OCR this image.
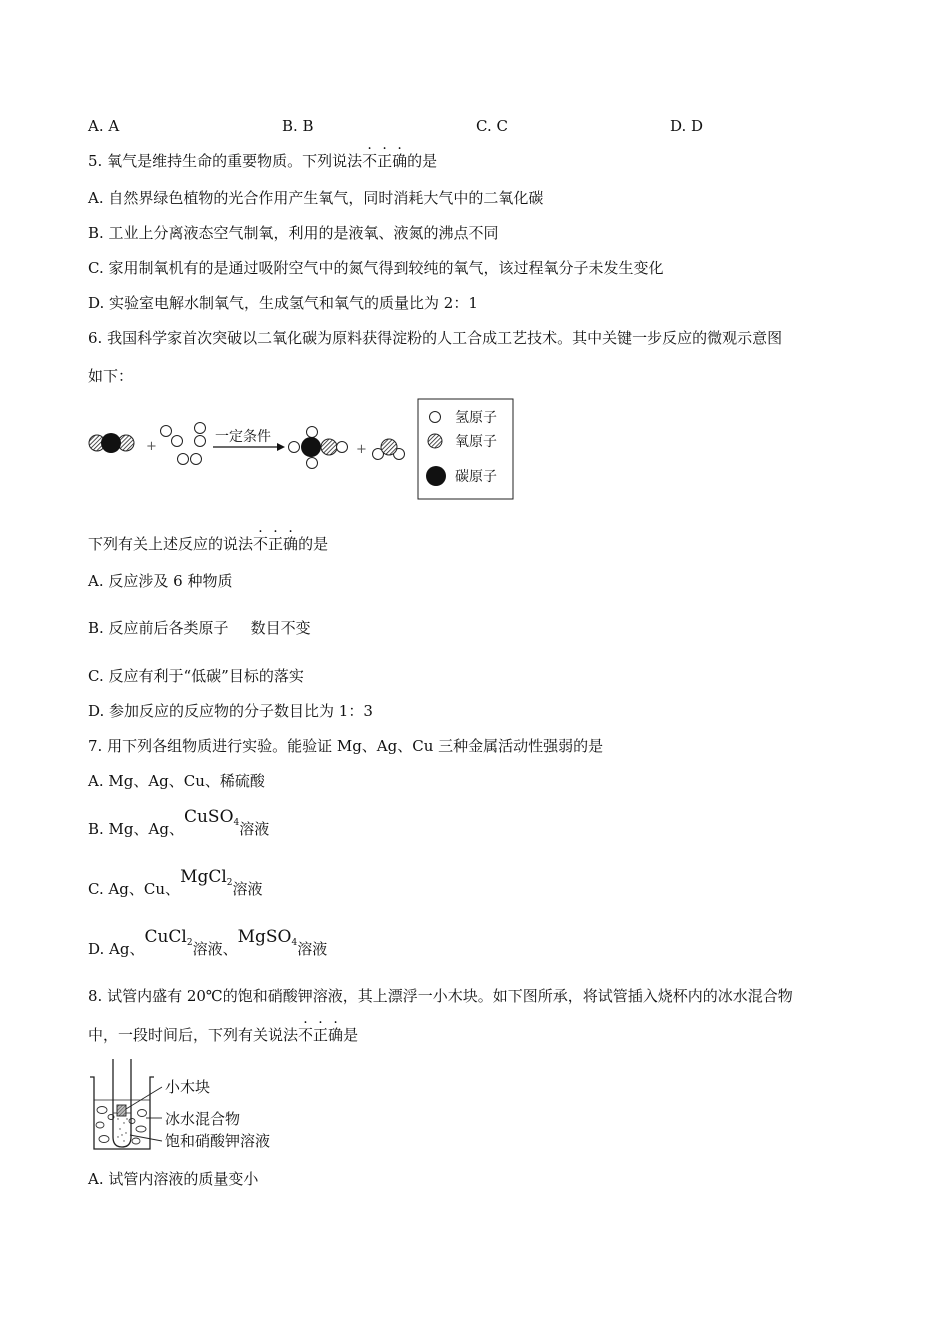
A. A	B. B	C. C	D. D
5. 氧气是维持生命的重要物质。下列说法不正确的是
A. 自然界绿色植物的光合作用产生氧气，同时消耗大气中的二氧化碳
B. 工业上分离液态空气制氧，利用的是液氧、液氮的沸点不同
C. 家用制氧机有的是通过吸附空气中的氮气得到较纯的氧气，该过程氧分子未发生变化
D. 实验室电解水制氧气，生成氢气和氧气的质量比为 2：1
6. 我国科学家首次突破以二氧化碳为原料获得淀粉的人工合成工艺技术。其中关键一步反应的微观示意图
如下：
+
一定条件
+
氢原子
氧原子
碳原子
下列有关上述反应的说法不正确的是
A. 反应涉及 6 种物质
B. 反应前后各类原子 数目不变
C. 反应有利于“低碳”目标的落实
D. 参加反应的反应物的分子数目比为 1：3
7. 用下列各组物质进行实验。能验证 Mg、Ag、Cu 三种金属活动性强弱的是
A. Mg、Ag、Cu、稀硫酸
B. Mg、Ag、CuSO$_4$溶液
C. Ag、Cu、MgCl$_2$溶液
D. Ag、CuCl$_2$溶液、MgSO$_4$溶液
8. 试管内盛有 20℃的饱和硝酸钾溶液，其上漂浮一小木块。如下图所承，将试管插入烧杯内的冰水混合物
中，一段时间后，下列有关说法不正确是
小木块
冰水混合物
饱和硝酸钾溶液
A. 试管内溶液的质量变小
